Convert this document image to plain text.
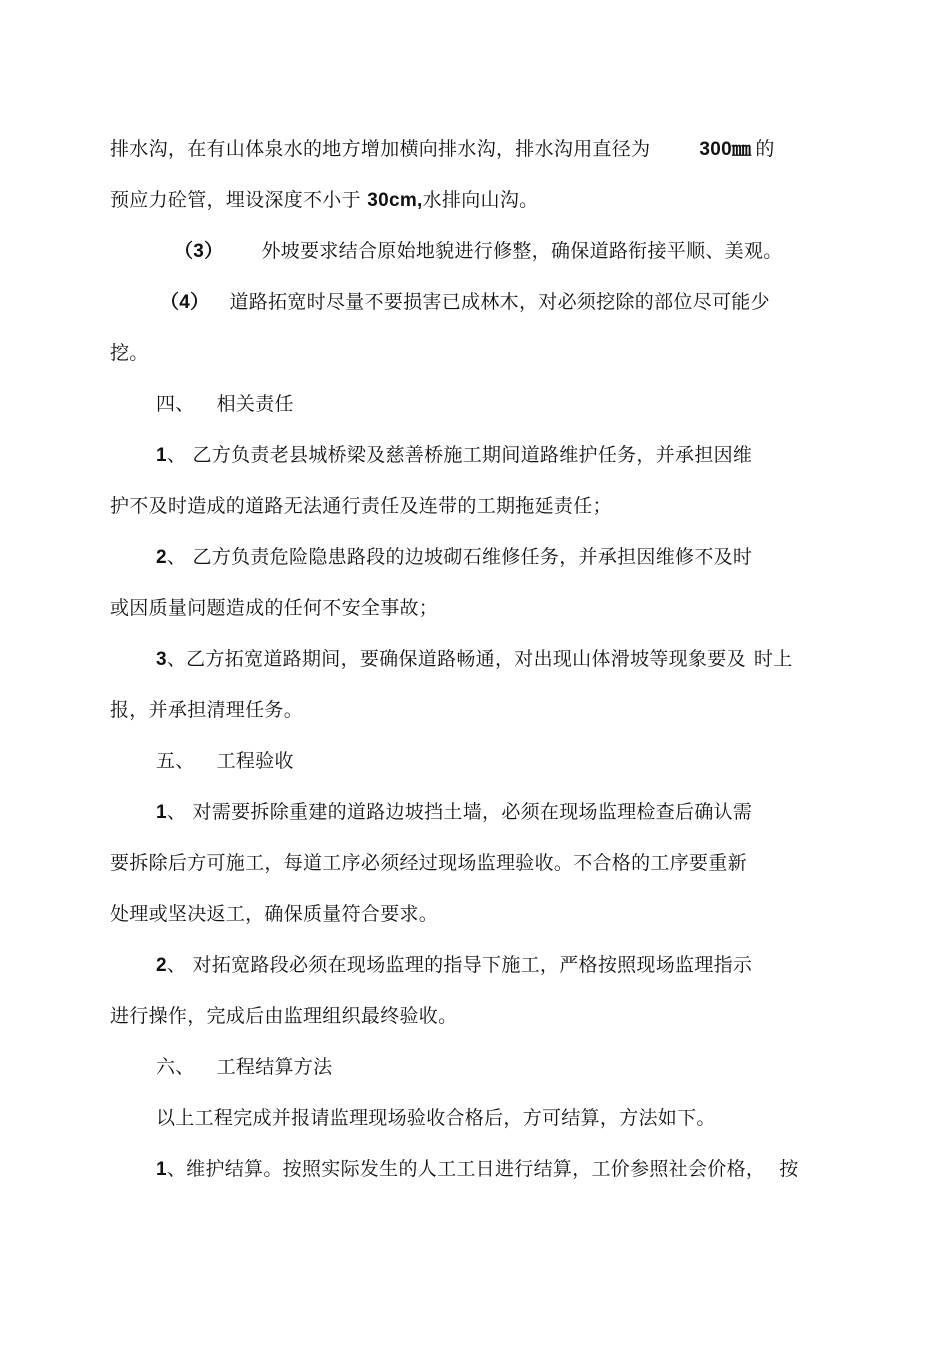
排水沟，在有山体泉水的地方增加横向排水沟，排水沟用直径为	300㎜ 的
预应力砼管，埋设深度不小于 30cm,水排向山沟。
（3） 外坡要求结合原始地貌进行修整，确保道路衔接平顺、美观。
（4） 道路拓宽时尽量不要损害已成林木，对必须挖除的部位尽可能少
挖。
四、 相关责任
1、 乙方负责老县城桥梁及慈善桥施工期间道路维护任务，并承担因维
护不及时造成的道路无法通行责任及连带的工期拖延责任；
2、 乙方负责危险隐患路段的边坡砌石维修任务，并承担因维修不及时
或因质量问题造成的任何不安全事故；
3、乙方拓宽道路期间，要确保道路畅通，对出现山体滑坡等现象要及 时上
报，并承担清理任务。
五、 工程验收
1、 对需要拆除重建的道路边坡挡土墙，必须在现场监理检查后确认需
要拆除后方可施工，每道工序必须经过现场监理验收。不合格的工序要重新
处理或坚决返工，确保质量符合要求。
2、 对拓宽路段必须在现场监理的指导下施工，严格按照现场监理指示
进行操作，完成后由监理组织最终验收。
六、 工程结算方法
以上工程完成并报请监理现场验收合格后，方可结算，方法如下。
1、维护结算。按照实际发生的人工工日进行结算，工价参照社会价格， 按
